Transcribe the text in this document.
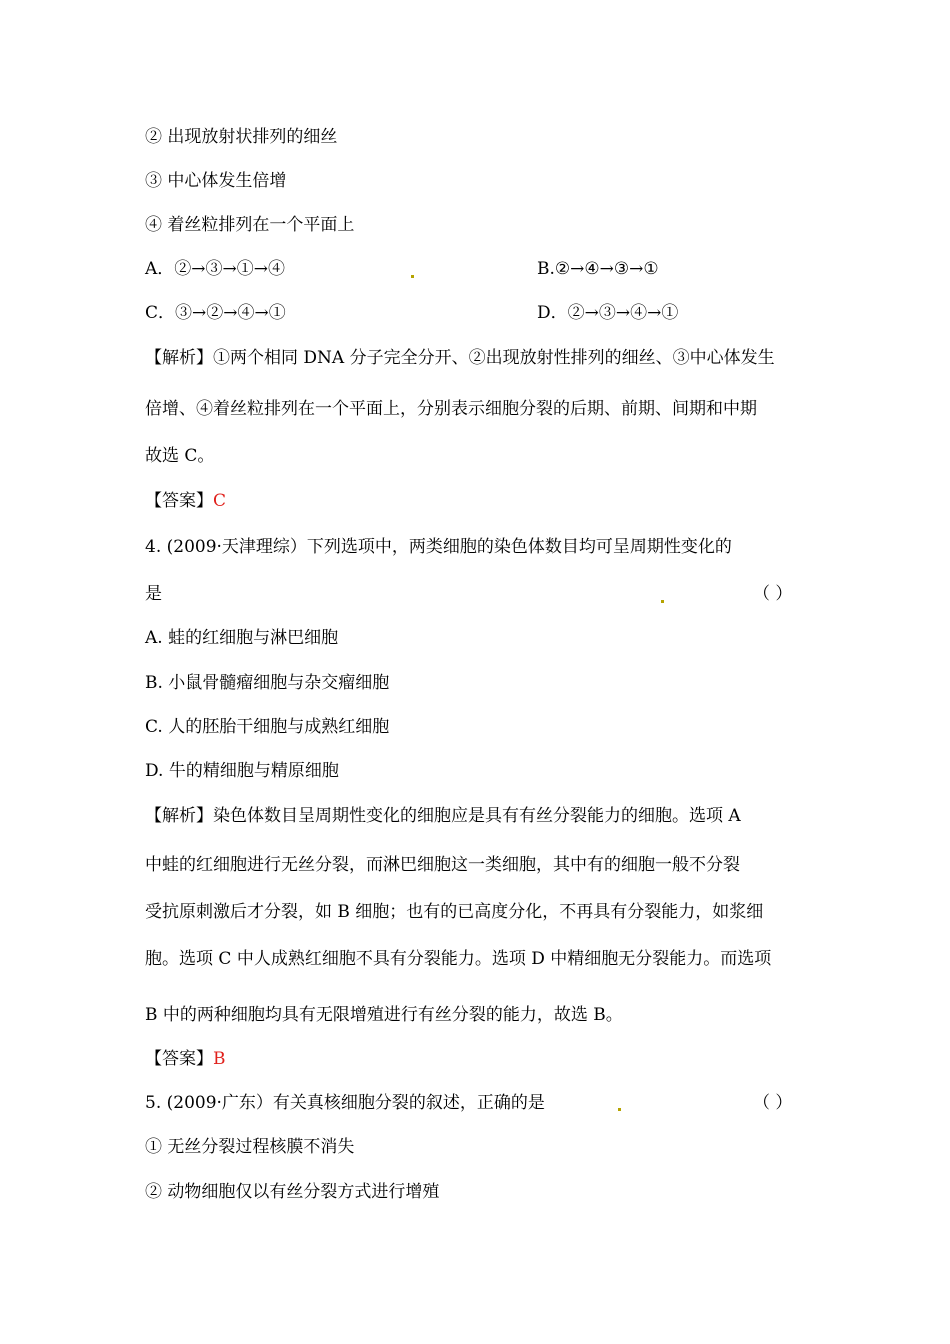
② 出现放射状排列的细丝
③ 中心体发生倍增
④ 着丝粒排列在一个平面上
A．②→③→①→④	B.②→④→③→①
C．③→②→④→①	D．②→③→④→①
【解析】①两个相同 DNA 分子完全分开、②出现放射性排列的细丝、③中心体发生
倍增、④着丝粒排列在一个平面上，分别表示细胞分裂的后期、前期、间期和中期
故选 C。
【答案】C
4. (2009·天津理综）下列选项中，两类细胞的染色体数目均可呈周期性变化的
是	（ ）
A. 蛙的红细胞与淋巴细胞
B. 小鼠骨髓瘤细胞与杂交瘤细胞
C. 人的胚胎干细胞与成熟红细胞
D. 牛的精细胞与精原细胞
【解析】染色体数目呈周期性变化的细胞应是具有有丝分裂能力的细胞。选项 A
中蛙的红细胞进行无丝分裂，而淋巴细胞这一类细胞，其中有的细胞一般不分裂
受抗原刺激后才分裂，如 B 细胞；也有的已高度分化，不再具有分裂能力，如浆细
胞。选项 C 中人成熟红细胞不具有分裂能力。选项 D 中精细胞无分裂能力。而选项
B 中的两种细胞均具有无限增殖进行有丝分裂的能力，故选 B。
【答案】B
5. (2009·广东）有关真核细胞分裂的叙述，正确的是	（ ）
① 无丝分裂过程核膜不消失
② 动物细胞仅以有丝分裂方式进行增殖
